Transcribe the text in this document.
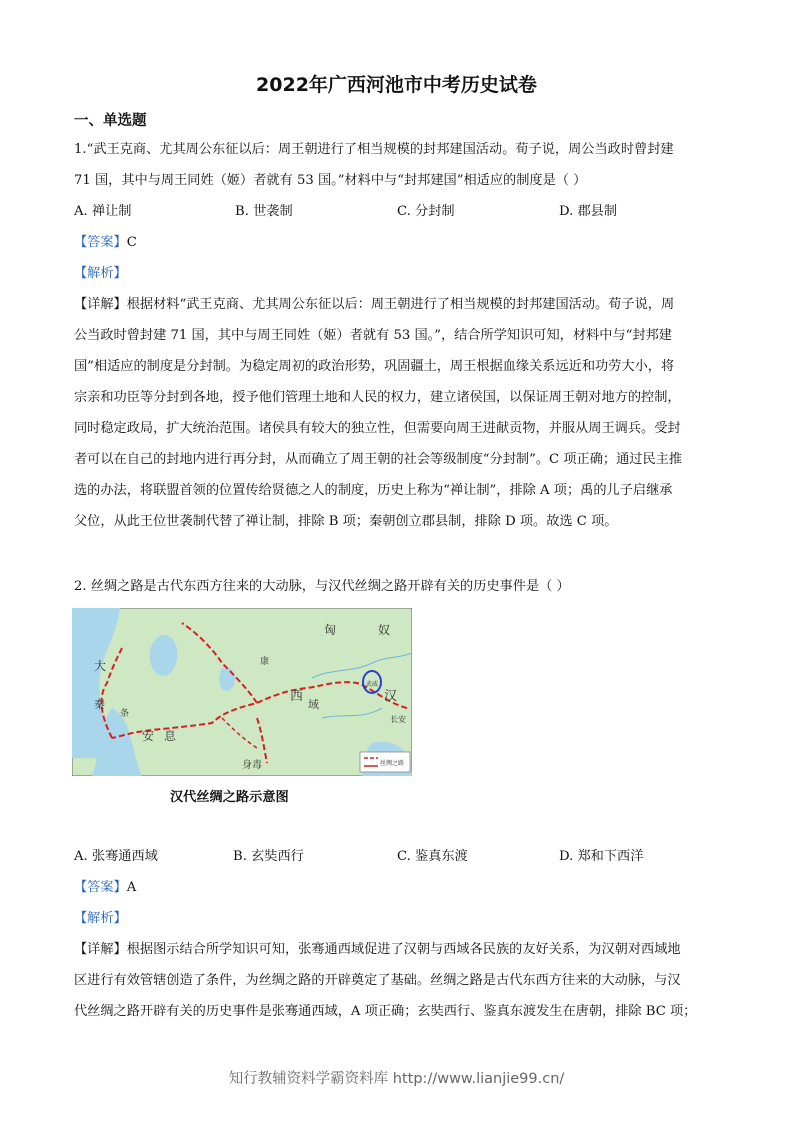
2022年广西河池市中考历史试卷
一、单选题
1.“武王克商、尤其周公东征以后：周王朝进行了相当规模的封邦建国活动。荀子说，周公当政时曾封建
71 国，其中与周王同姓（姬）者就有 53 国。”材料中与“封邦建国”相适应的制度是（ ）
A. 禅让制	B. 世袭制	C. 分封制	D. 郡县制
【答案】C
【解析】
【详解】根据材料“武王克商、尤其周公东征以后：周王朝进行了相当规模的封邦建国活动。荀子说，周
公当政时曾封建 71 国，其中与周王同姓（姬）者就有 53 国。”，结合所学知识可知，材料中与“封邦建
国”相适应的制度是分封制。为稳定周初的政治形势，巩固疆土，周王根据血缘关系远近和功劳大小，将
宗亲和功臣等分封到各地，授予他们管理土地和人民的权力，建立诸侯国，以保证周王朝对地方的控制，
同时稳定政局，扩大统治范围。诸侯具有较大的独立性，但需要向周王进献贡物，并服从周王调兵。受封
者可以在自己的封地内进行再分封，从而确立了周王朝的社会等级制度“分封制”。C 项正确；通过民主推
选的办法，将联盟首领的位置传给贤德之人的制度，历史上称为“禅让制”，排除 A 项；禹的儿子启继承
父位，从此王位世袭制代替了禅让制，排除 B 项；秦朝创立郡县制，排除 D 项。故选 C 项。
2. 丝绸之路是古代东西方往来的大动脉，与汉代丝绸之路开辟有关的历史事件是（ ）
匈	奴
西
域
汉
长安
安 息
大
秦
条
身毒
武威
康
丝绸之路
汉代丝绸之路示意图
A. 张骞通西域	B. 玄奘西行	C. 鉴真东渡	D. 郑和下西洋
【答案】A
【解析】
【详解】根据图示结合所学知识可知，张骞通西域促进了汉朝与西域各民族的友好关系，为汉朝对西域地
区进行有效管辖创造了条件，为丝绸之路的开辟奠定了基础。丝绸之路是古代东西方往来的大动脉，与汉
代丝绸之路开辟有关的历史事件是张骞通西域，A 项正确；玄奘西行、鉴真东渡发生在唐朝，排除 BC 项；
知行教辅资料学霸资料库 http://www.lianjie99.cn/
